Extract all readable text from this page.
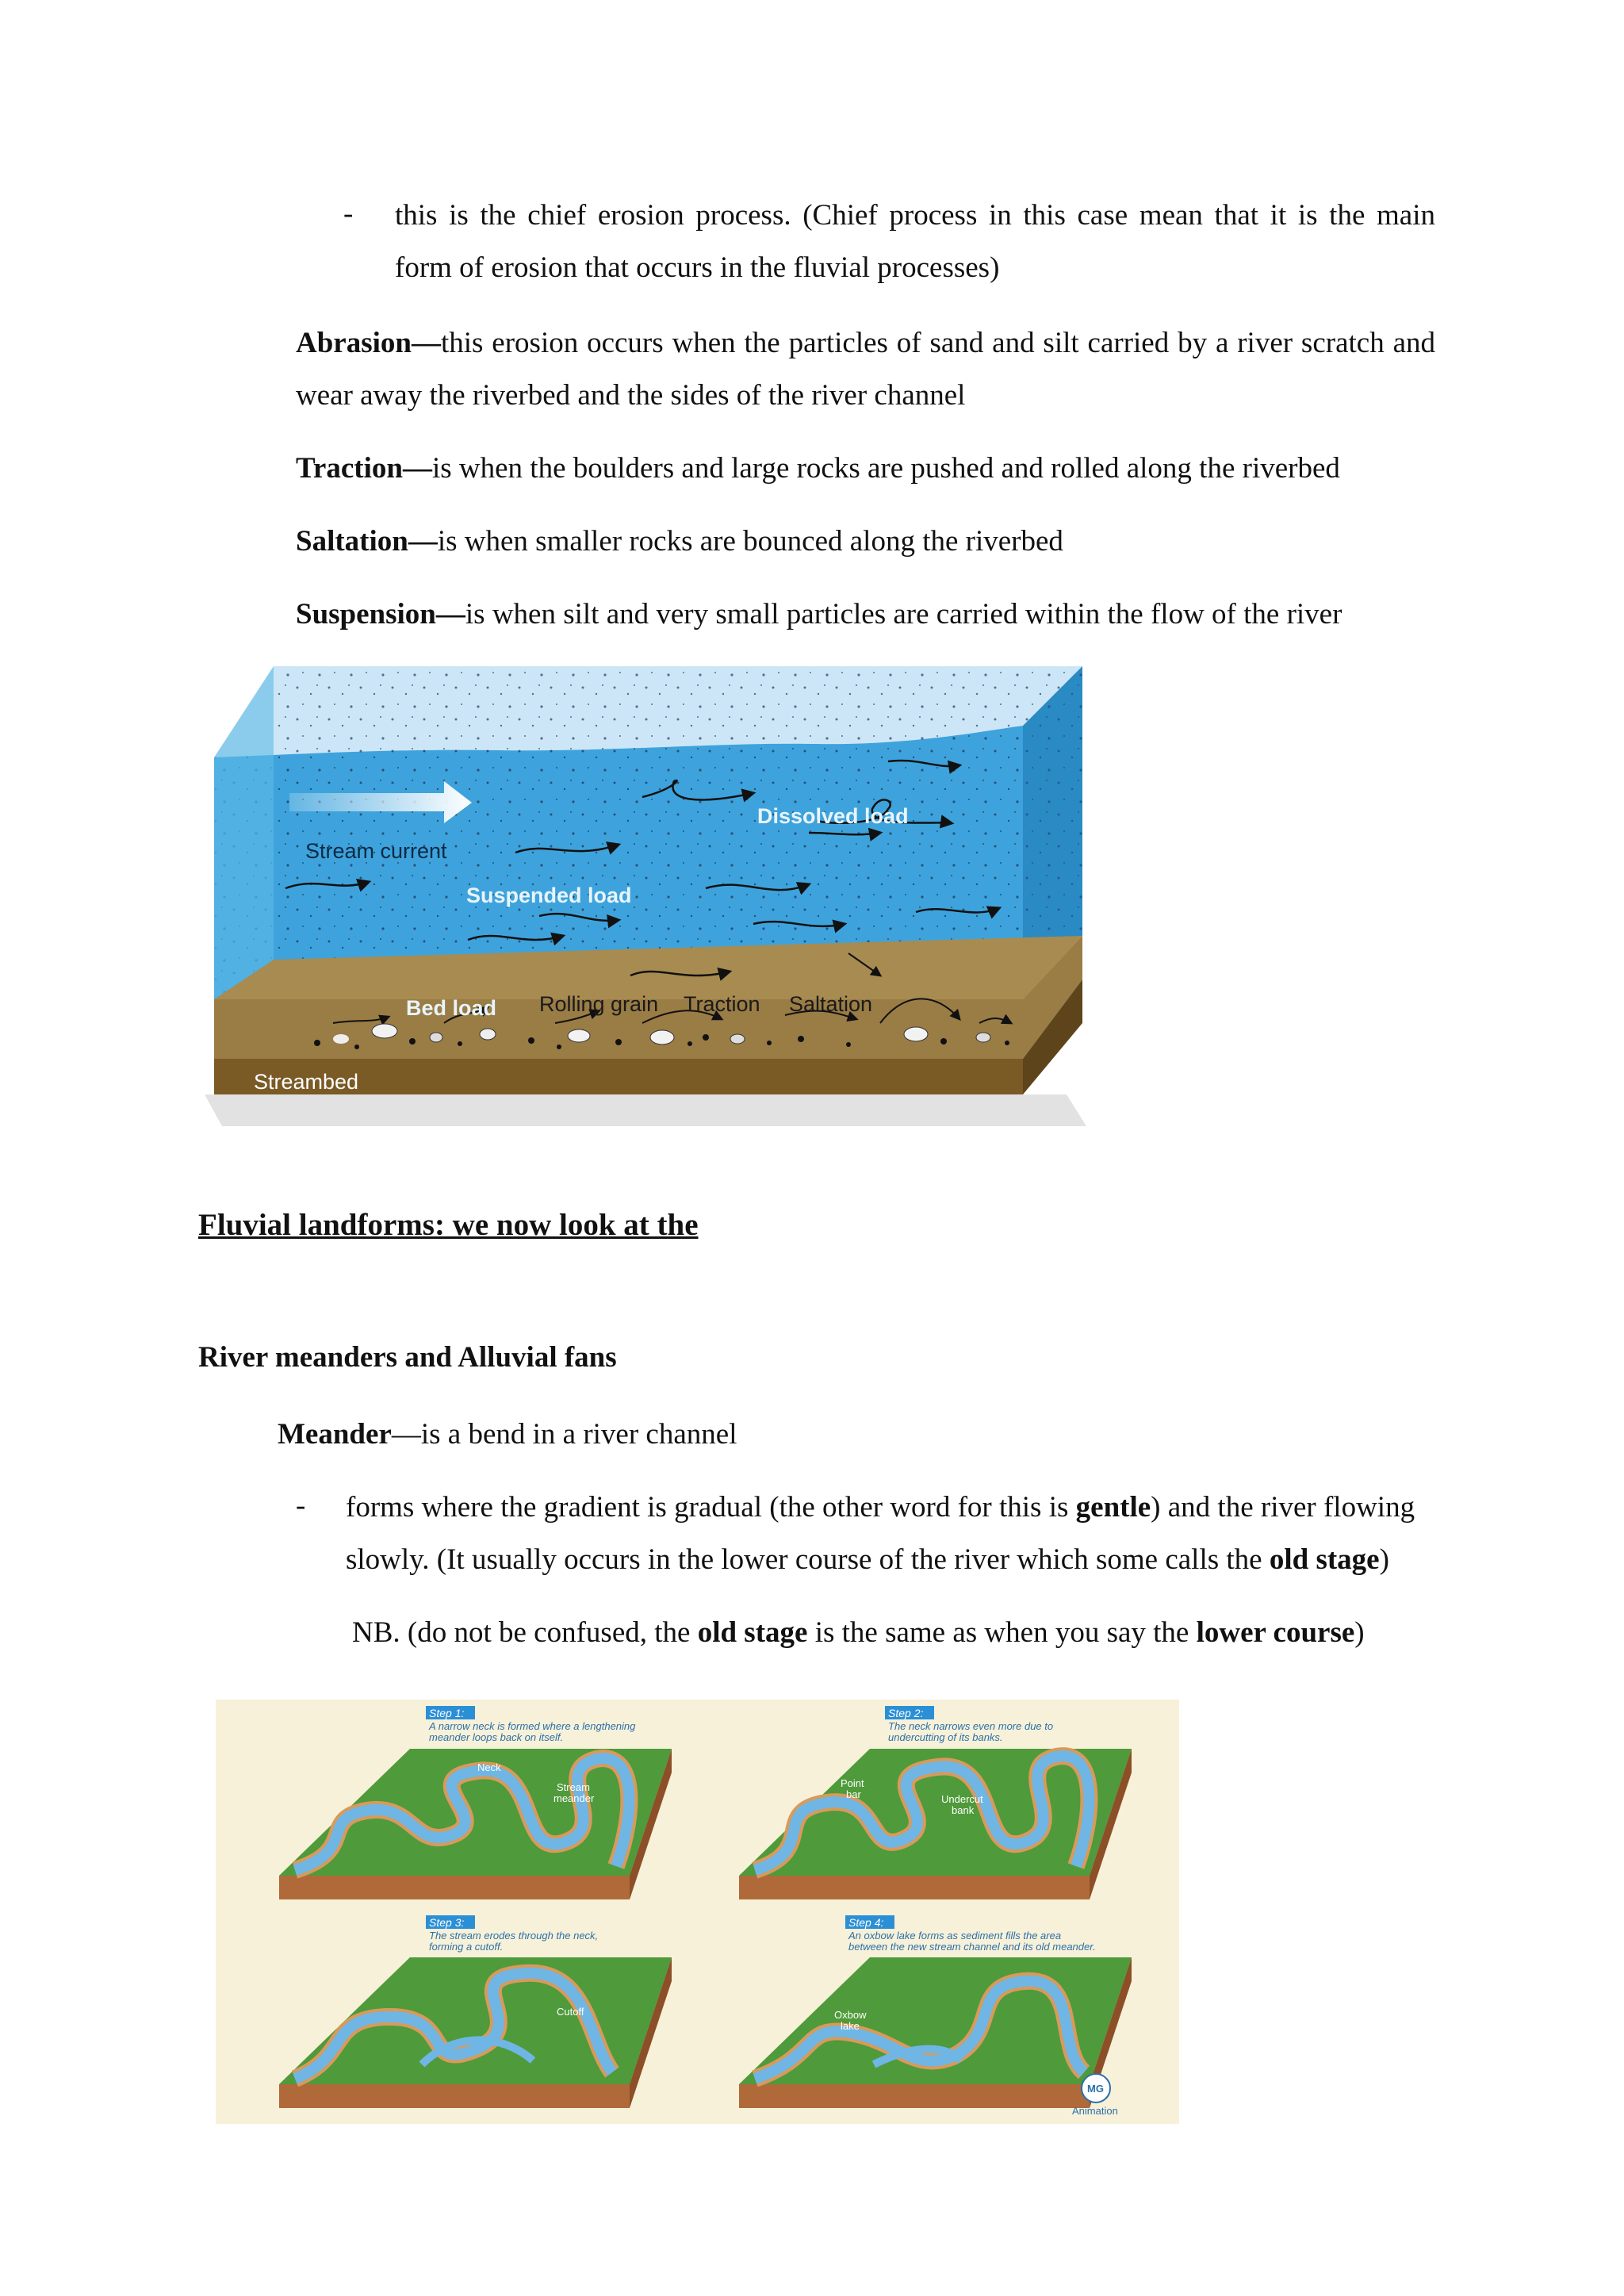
- this is the chief erosion process. (Chief process in this case mean that it is the main
form of erosion that occurs in the fluvial processes)
Abrasion—this erosion occurs when the particles of sand and silt carried by a river scratch and
wear away the riverbed and the sides of the river channel
Traction—is when the boulders and large rocks are pushed and rolled along the riverbed
Saltation—is when smaller rocks are bounced along the riverbed
Suspension—is when silt and very small particles are carried within the flow of the river
Stream current
Dissolved load
Suspended load
Bed load Rolling grain Traction Saltation
Streambed
Fluvial landforms: we now look at the
River meanders and Alluvial fans
Meander—is a bend in a river channel
- forms where the gradient is gradual (the other word for this is gentle) and the river flowing
slowly. (It usually occurs in the lower course of the river which some calls the old stage)
NB. (do not be confused, the old stage is the same as when you say the lower course)
Step 1:
A narrow neck is formed where a lengthening
meander loops back on itself.
Neck
Stream
meander
Step 2:
The neck narrows even more due to
undercutting of its banks.
Point
bar	Undercut
bank
Step 3:
The stream erodes through the neck,
forming a cutoff.
Cutoff
Step 4:
An oxbow lake forms as sediment fills the area
between the new stream channel and its old meander.
Oxbow
lake
MG
Animation
